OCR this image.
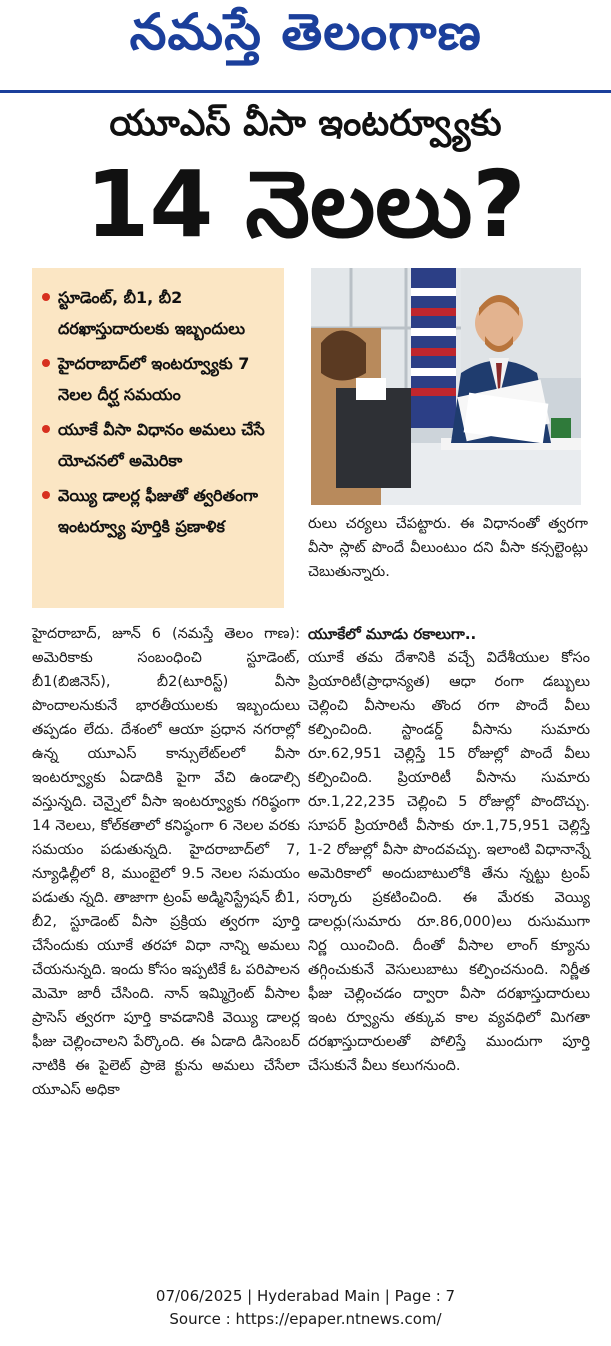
నమస్తే తెలంగాణ
యూఎస్ వీసా ఇంటర్వ్యూకు
14 నెలలు?
స్టూడెంట్, బీ1, బీ2 దరఖాస్తుదారులకు ఇబ్బందులు
హైదరాబాద్‌లో ఇంటర్వ్యూకు 7 నెలల దీర్ఘ సమయం
యూకే వీసా విధానం అమలు చేసే యోచనలో అమెరికా
వెయ్యి డాలర్ల ఫీజుతో త్వరితంగా ఇంటర్వ్యూ పూర్తికి ప్రణాళిక	రులు చర్యలు చేపట్టారు. ఈ విధానంతో త్వరగా వీసా స్లాట్ పొందే వీలుంటుం దని వీసా కన్సల్టెంట్లు చెబుతున్నారు.
హైదరాబాద్, జూన్ 6 (నమస్తే తెలం గాణ): అమెరికాకు సంబంధించి స్టూడెంట్, బీ1(బిజినెస్), బీ2(టూరిస్ట్) వీసా పొందాలనుకునే భారతీయులకు ఇబ్బందులు తప్పడం లేదు. దేశంలో ఆయా ప్రధాన నగరాల్లో ఉన్న యూఎస్ కాన్సులేట్‌లలో వీసా ఇంటర్వ్యూకు ఏడాదికి పైగా వేచి ఉండాల్సి వస్తున్నది. చెన్నైలో వీసా ఇంటర్వ్యూకు గరిష్ఠంగా 14 నెలలు, కోల్‌కతాలో కనిష్ఠంగా 6 నెలల వరకు సమయం పడుతున్నది. హైదరాబాద్‌లో 7, న్యూఢిల్లీలో 8, ముంబైలో 9.5 నెలల సమయం పడుతు న్నది. తాజాగా ట్రంప్ అడ్మినిస్ట్రేషన్ బీ1, బీ2, స్టూడెంట్ వీసా ప్రక్రియ త్వరగా పూర్తి చేసేందుకు యూకే తరహా విధా నాన్ని అమలు చేయనున్నది. ఇందు కోసం ఇప్పటికే ఓ పరిపాలన మెమో జారీ చేసింది. నాన్ ఇమ్మిగ్రెంట్ వీసాల ప్రాసెస్ త్వరగా పూర్తి కావడానికి వెయ్యి డాలర్ల ఫీజు చెల్లించాలని పేర్కొంది. ఈ ఏడాది డిసెంబర్ నాటికి ఈ పైలెట్ ప్రాజె క్టును అమలు చేసేలా యూఎస్ అధికా
యూకేలో మూడు రకాలుగా..
యూకే తమ దేశానికి వచ్చే విదేశీయుల కోసం ప్రియారిటీ(ప్రాధాన్యత) ఆధా రంగా డబ్బులు చెల్లించి వీసాలను తొంద రగా పొందే వీలు కల్పించింది. స్టాండర్డ్ వీసాను సుమారు రూ.62,951 చెల్లిస్తే 15 రోజుల్లో పొందే వీలు కల్పించింది. ప్రియారిటీ వీసాను సుమారు రూ.1,22,235 చెల్లించి 5 రోజుల్లో పొందొచ్చు. సూపర్ ప్రియారిటీ వీసాకు రూ.1,75,951 చెల్లిస్తే 1-2 రోజుల్లో వీసా పొందవచ్చు. ఇలాంటి విధానాన్నే అమెరికాలో అందుబాటులోకి తేను న్నట్టు ట్రంప్ సర్కారు ప్రకటించింది. ఈ మేరకు వెయ్యి డాలర్లు(సుమారు రూ.86,000)లు రుసుముగా నిర్ణ యించింది. దీంతో వీసాల లాంగ్ క్యూను తగ్గించుకునే వెసులుబాటు కల్పించనుంది. నిర్ణీత ఫీజు చెల్లించడం ద్వారా వీసా దరఖాస్తుదారులు ఇంట ర్వ్యూను తక్కువ కాల వ్యవధిలో మిగతా దరఖాస్తుదారులతో పోలిస్తే ముందుగా పూర్తి చేసుకునే వీలు కలుగనుంది.
07/06/2025 | Hyderabad Main | Page : 7
Source : https://epaper.ntnews.com/
